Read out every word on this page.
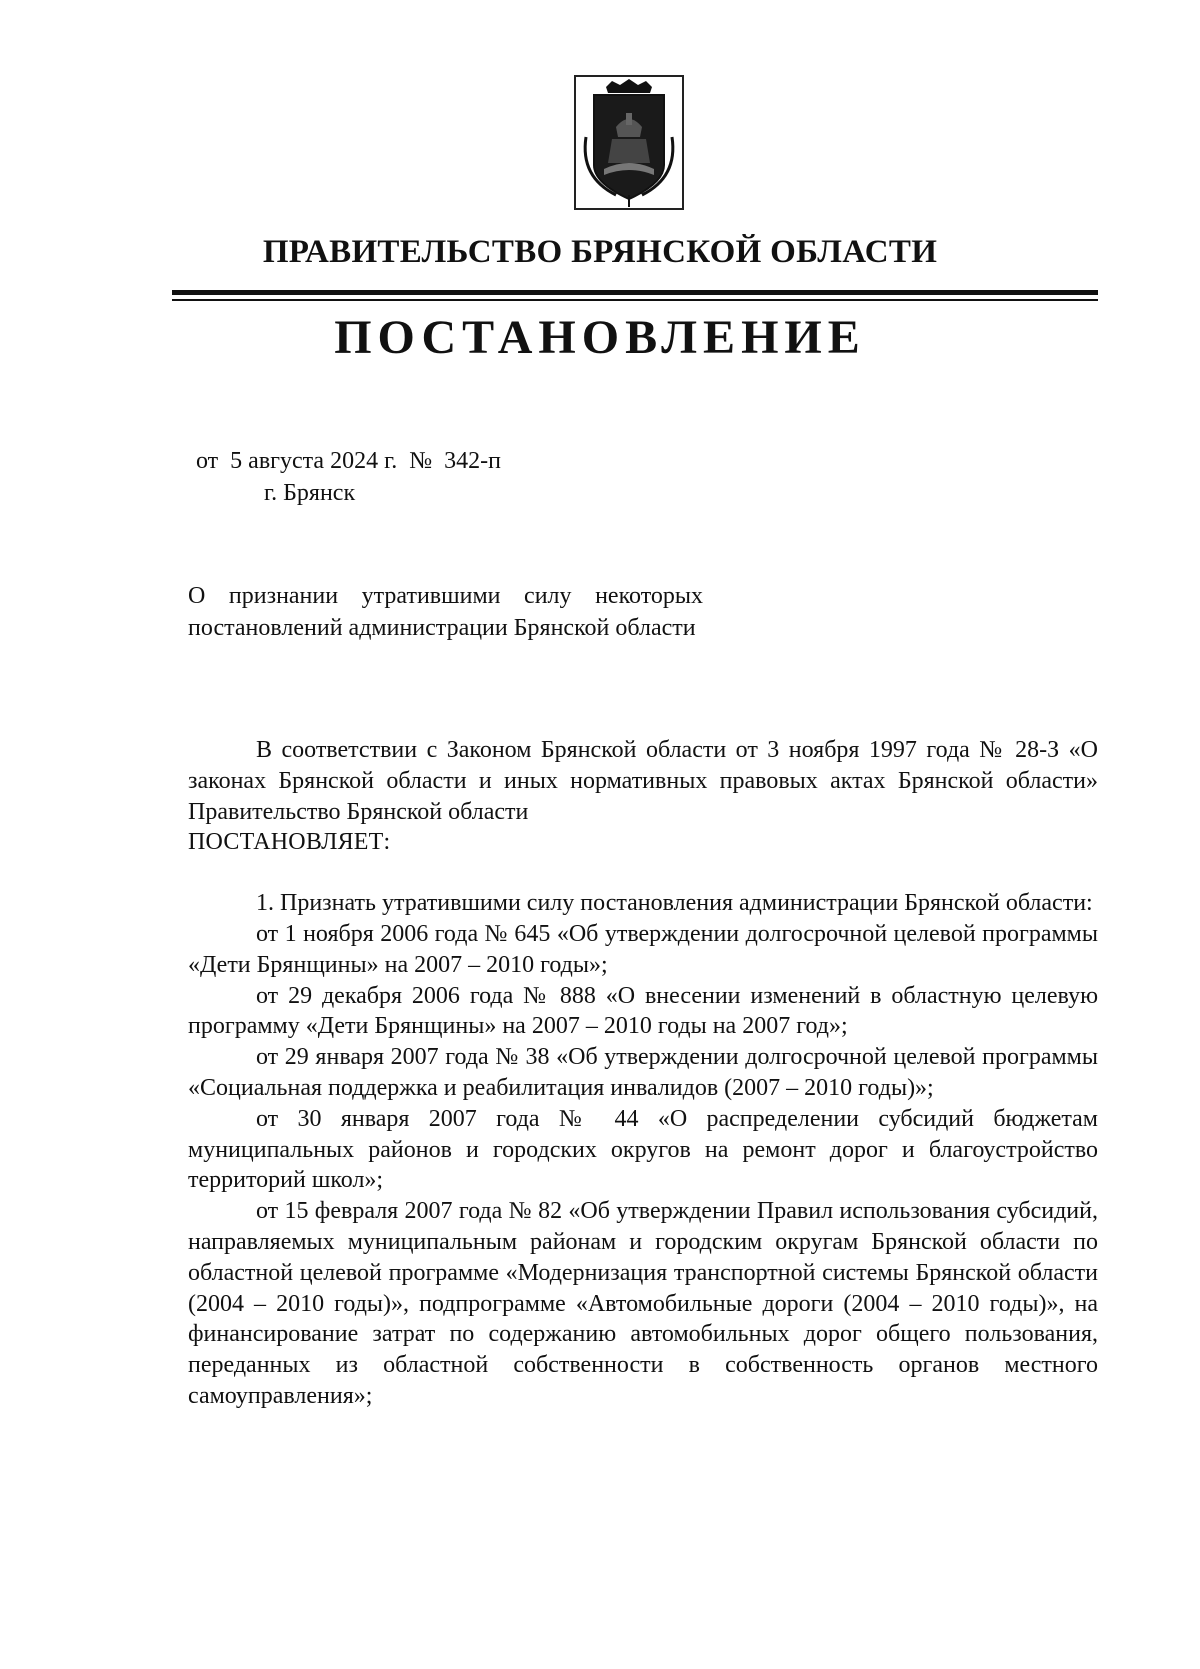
ПРАВИТЕЛЬСТВО БРЯНСКОЙ ОБЛАСТИ
ПОСТАНОВЛЕНИЕ
от  5 августа 2024 г.  №  342-п
г. Брянск
О признании утратившими силу некоторых постановлений администрации Брянской области

В соответствии с Законом Брянской области от 3 ноября 1997 года № 28-З «О законах Брянской области и иных нормативных правовых актах Брянской области» Правительство Брянской области

ПОСТАНОВЛЯЕТ:

1. Признать утратившими силу постановления администрации Брянской области:

от 1 ноября 2006 года № 645 «Об утверждении долгосрочной целевой программы «Дети Брянщины» на 2007 – 2010 годы»;

от 29 декабря 2006 года № 888 «О внесении изменений в областную целевую программу «Дети Брянщины» на 2007 – 2010 годы на 2007 год»;

от 29 января 2007 года № 38 «Об утверждении долгосрочной целевой программы «Социальная поддержка и реабилитация инвалидов (2007 – 2010 годы)»;

от 30 января 2007 года № 44 «О распределении субсидий бюджетам муниципальных районов и городских округов на ремонт дорог и благоустройство территорий школ»;

от 15 февраля 2007 года № 82 «Об утверждении Правил использования субсидий, направляемых муниципальным районам и городским округам Брянской области по областной целевой программе «Модернизация транспортной системы Брянской области (2004 – 2010 годы)», подпрограмме «Автомобильные дороги (2004 – 2010 годы)», на финансирование затрат по содержанию автомобильных дорог общего пользования, переданных из областной собственности в собственность органов местного самоуправления»;
